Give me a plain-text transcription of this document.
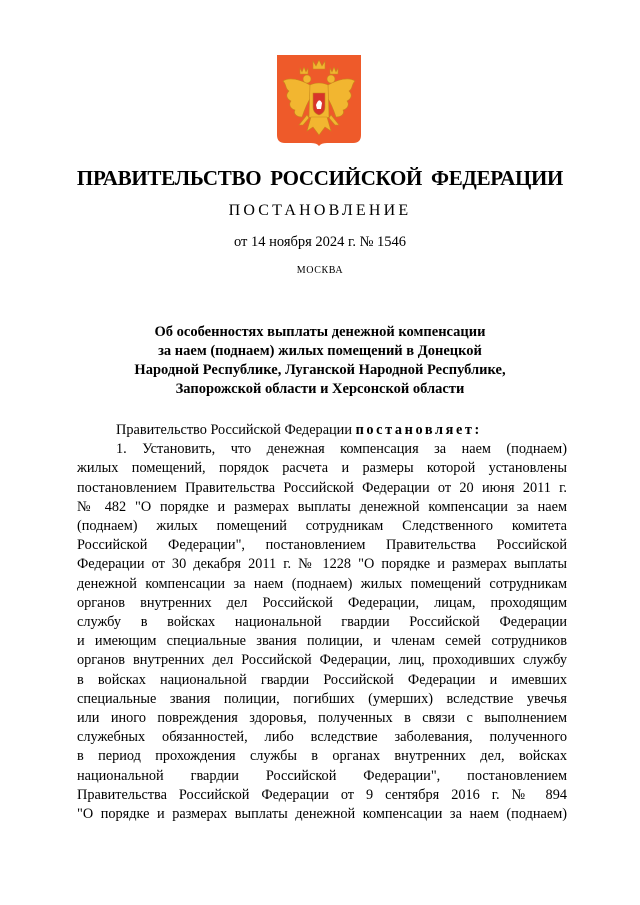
ПРАВИТЕЛЬСТВО РОССИЙСКОЙ ФЕДЕРАЦИИ
ПОСТАНОВЛЕНИЕ
от 14 ноября 2024 г. № 1546
МОСКВА
Об особенностях выплаты денежной компенсации
за наем (поднаем) жилых помещений в Донецкой
Народной Республике, Луганской Народной Республике,
Запорожской области и Херсонской области

Правительство Российской Федерации постановляет:

1. Установить, что денежная компенсация за наем (поднаем)
жилых помещений, порядок расчета и размеры которой установлены
постановлением Правительства Российской Федерации от 20 июня 2011 г.
№ 482 "О порядке и размерах выплаты денежной компенсации за наем
(поднаем) жилых помещений сотрудникам Следственного комитета
Российской Федерации", постановлением Правительства Российской
Федерации от 30 декабря 2011 г. № 1228 "О порядке и размерах выплаты
денежной компенсации за наем (поднаем) жилых помещений сотрудникам
органов внутренних дел Российской Федерации, лицам, проходящим
службу в войсках национальной гвардии Российской Федерации
и имеющим специальные звания полиции, и членам семей сотрудников
органов внутренних дел Российской Федерации, лиц, проходивших службу
в войсках национальной гвардии Российской Федерации и имевших
специальные звания полиции, погибших (умерших) вследствие увечья
или иного повреждения здоровья, полученных в связи с выполнением
служебных обязанностей, либо вследствие заболевания, полученного
в период прохождения службы в органах внутренних дел, войсках
национальной гвардии Российской Федерации", постановлением
Правительства Российской Федерации от 9 сентября 2016 г. № 894
"О порядке и размерах выплаты денежной компенсации за наем (поднаем)
